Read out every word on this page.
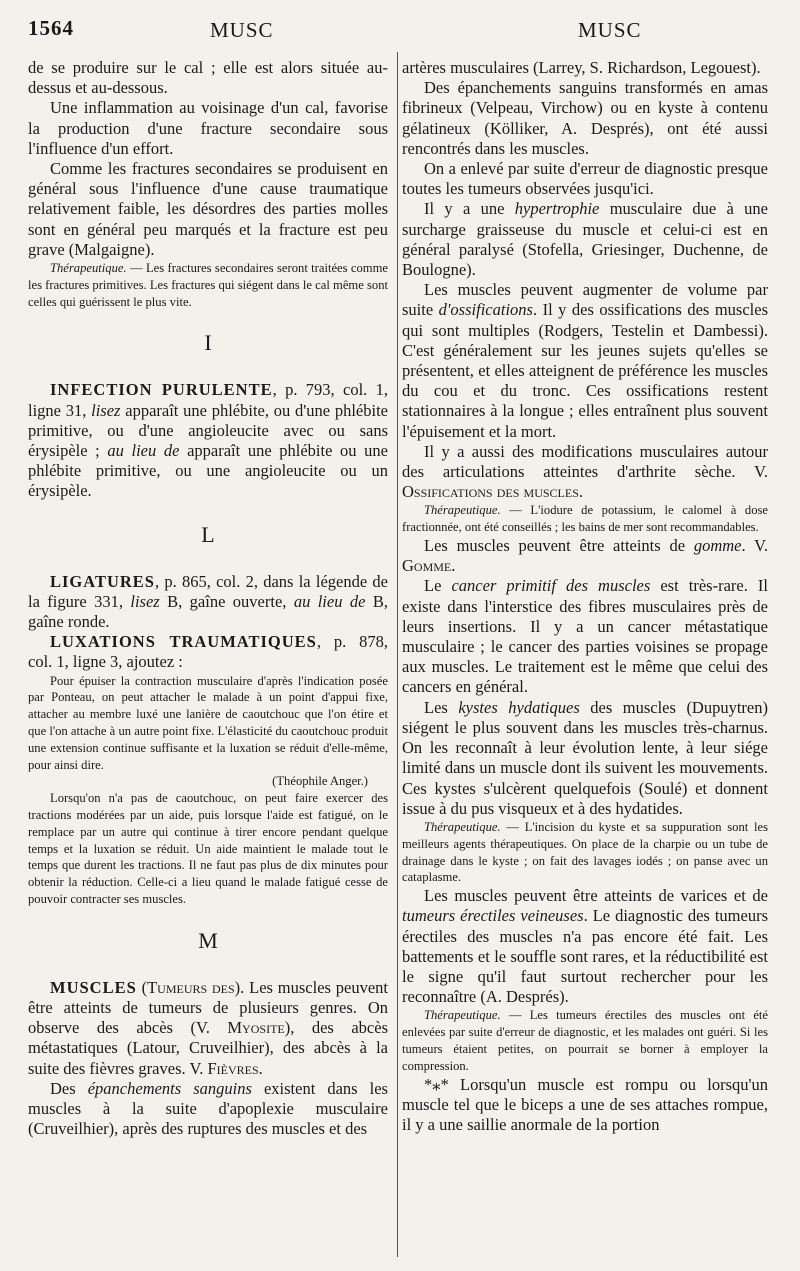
1564	MUSC	MUSC

de se produire sur le cal ; elle est alors située au-dessus et au-dessous.

Une inflammation au voisinage d'un cal, favorise la production d'une fracture secondaire sous l'influence d'un effort.

Comme les fractures secondaires se produisent en général sous l'influence d'une cause traumatique relativement faible, les désordres des parties molles sont en général peu marqués et la fracture est peu grave (Malgaigne).

Thérapeutique. — Les fractures secondaires seront traitées comme les fractures primitives. Les fractures qui siégent dans le cal même sont celles qui guérissent le plus vite.

I

INFECTION PURULENTE, p. 793, col. 1, ligne 31, lisez apparaît une phlébite, ou d'une phlébite primitive, ou d'une angioleucite avec ou sans érysipèle ; au lieu de apparaît une phlébite ou une phlébite primitive, ou une angioleucite ou un érysipèle.

L

LIGATURES, p. 865, col. 2, dans la légende de la figure 331, lisez B, gaîne ouverte, au lieu de B, gaîne ronde.

LUXATIONS TRAUMATIQUES, p. 878, col. 1, ligne 3, ajoutez :

Pour épuiser la contraction musculaire d'après l'indication posée par Ponteau, on peut attacher le malade à un point d'appui fixe, attacher au membre luxé une lanière de caoutchouc que l'on étire et que l'on attache à un autre point fixe. L'élasticité du caoutchouc produit une extension continue suffisante et la luxation se réduit d'elle-même, pour ainsi dire.

(Théophile Anger.)

Lorsqu'on n'a pas de caoutchouc, on peut faire exercer des tractions modérées par un aide, puis lorsque l'aide est fatigué, on le remplace par un autre qui continue à tirer encore pendant quelque temps et la luxation se réduit. Un aide maintient le malade tout le temps que durent les tractions. Il ne faut pas plus de dix minutes pour obtenir la réduction. Celle-ci a lieu quand le malade fatigué cesse de pouvoir contracter ses muscles.

M

MUSCLES (Tumeurs des). Les muscles peuvent être atteints de tumeurs de plusieurs genres. On observe des abcès (V. Myosite), des abcès métastatiques (Latour, Cruveilhier), des abcès à la suite des fièvres graves. V. Fièvres.

Des épanchements sanguins existent dans les muscles à la suite d'apoplexie musculaire (Cruveilhier), après des ruptures des muscles et des

artères musculaires (Larrey, S. Richardson, Legouest).

Des épanchements sanguins transformés en amas fibrineux (Velpeau, Virchow) ou en kyste à contenu gélatineux (Kölliker, A. Després), ont été aussi rencontrés dans les muscles.

On a enlevé par suite d'erreur de diagnostic presque toutes les tumeurs observées jusqu'ici.

Il y a une hypertrophie musculaire due à une surcharge graisseuse du muscle et celui-ci est en général paralysé (Stofella, Griesinger, Duchenne, de Boulogne).

Les muscles peuvent augmenter de volume par suite d'ossifications. Il y des ossifications des muscles qui sont multiples (Rodgers, Testelin et Dambessi). C'est généralement sur les jeunes sujets qu'elles se présentent, et elles atteignent de préférence les muscles du cou et du tronc. Ces ossifications restent stationnaires à la longue ; elles entraînent plus souvent l'épuisement et la mort.

Il y a aussi des modifications musculaires autour des articulations atteintes d'arthrite sèche. V. Ossifications des muscles.

Thérapeutique. — L'iodure de potassium, le calomel à dose fractionnée, ont été conseillés ; les bains de mer sont recommandables.

Les muscles peuvent être atteints de gomme. V. Gomme.

Le cancer primitif des muscles est très-rare. Il existe dans l'interstice des fibres musculaires près de leurs insertions. Il y a un cancer métastatique musculaire ; le cancer des parties voisines se propage aux muscles. Le traitement est le même que celui des cancers en général.

Les kystes hydatiques des muscles (Dupuytren) siégent le plus souvent dans les muscles très-charnus. On les reconnaît à leur évolution lente, à leur siége limité dans un muscle dont ils suivent les mouvements. Ces kystes s'ulcèrent quelquefois (Soulé) et donnent issue à du pus visqueux et à des hydatides.

Thérapeutique. — L'incision du kyste et sa suppuration sont les meilleurs agents thérapeutiques. On place de la charpie ou un tube de drainage dans le kyste ; on fait des lavages iodés ; on panse avec un cataplasme.

Les muscles peuvent être atteints de varices et de tumeurs érectiles veineuses. Le diagnostic des tumeurs érectiles des muscles n'a pas encore été fait. Les battements et le souffle sont rares, et la réductibilité est le signe qu'il faut surtout rechercher pour les reconnaître (A. Després).

Thérapeutique. — Les tumeurs érectiles des muscles ont été enlevées par suite d'erreur de diagnostic, et les malades ont guéri. Si les tumeurs étaient petites, on pourrait se borner à employer la compression.

*⁎* Lorsqu'un muscle est rompu ou lorsqu'un muscle tel que le biceps a une de ses attaches rompue, il y a une saillie anormale de la portion
